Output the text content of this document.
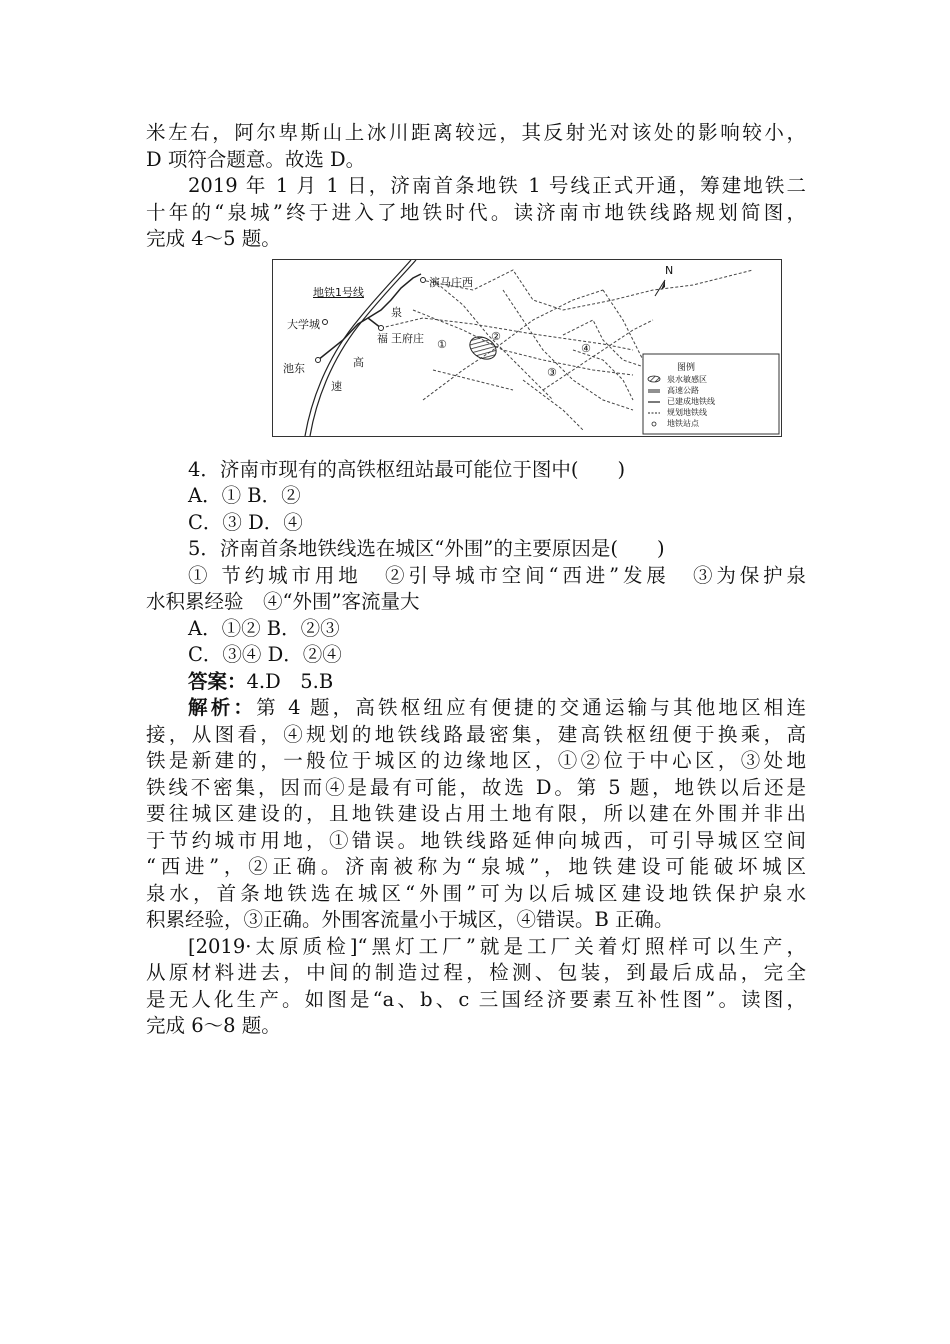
米左右，阿尔卑斯山上冰川距离较远，其反射光对该处的影响较小，
D 项符合题意。故选 D。
2019 年 1 月 1 日，济南首条地铁 1 号线正式开通，筹建地铁二
十年的“泉城”终于进入了地铁时代。读济南市地铁线路规划简图，
完成 4～5 题。
地铁1号线
演马庄西
大学城
池东
泉
福 王府庄
高
速
①
②
③
④
N
图例
泉水敏感区
高速公路
已建成地铁线
规划地铁线
地铁站点
4．济南市现有的高铁枢纽站最可能位于图中(　　)
A．① B．②
C．③ D．④
5．济南首条地铁线选在城区“外围”的主要原因是(　　)
① 节约城市用地　②引导城市空间“西进”发展　③为保护泉
水积累经验　④“外围”客流量大
A．①② B．②③
C．③④ D．②④
答案：4.D　5.B
解析：第 4 题，高铁枢纽应有便捷的交通运输与其他地区相连
接，从图看，④规划的地铁线路最密集，建高铁枢纽便于换乘，高
铁是新建的，一般位于城区的边缘地区，①②位于中心区，③处地
铁线不密集，因而④是最有可能，故选 D。第 5 题，地铁以后还是
要往城区建设的，且地铁建设占用土地有限，所以建在外围并非出
于节约城市用地，①错误。地铁线路延伸向城西，可引导城区空间
“西进”，②正确。济南被称为“泉城”，地铁建设可能破坏城区
泉水，首条地铁选在城区“外围”可为以后城区建设地铁保护泉水
积累经验，③正确。外围客流量小于城区，④错误。B 正确。
[2019·太原质检]“黑灯工厂”就是工厂关着灯照样可以生产，
从原材料进去，中间的制造过程，检测、包装，到最后成品，完全
是无人化生产。如图是“a、b、c 三国经济要素互补性图”。读图，
完成 6～8 题。
